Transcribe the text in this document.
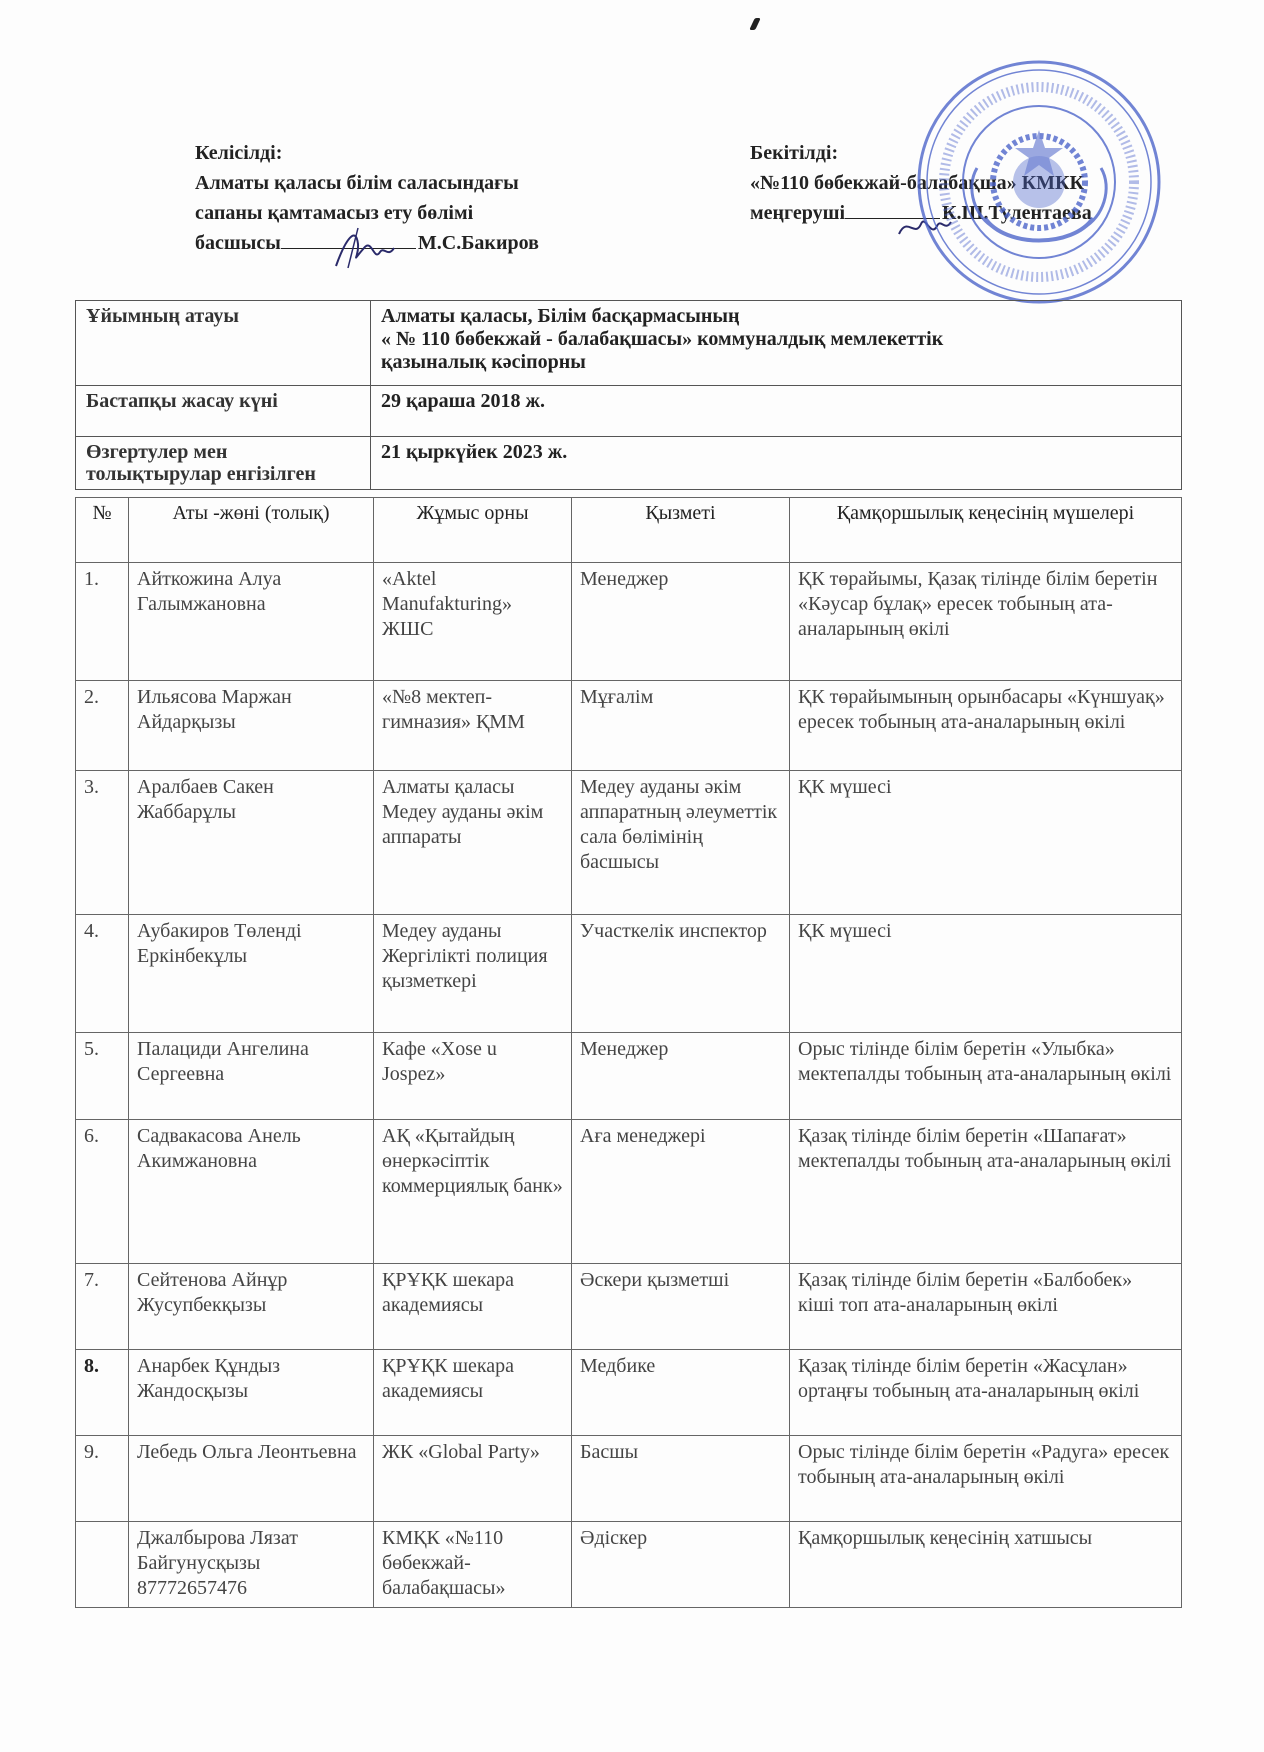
Келісілді:
Алматы қаласы білім саласындағы
сапаны қамтамасыз ету бөлімі
басшысы	М.С.Бакиров
Бекітілді:
«№110 бөбекжай-балабақша» КМКК
меңгеруші	К.Ш.Тулентаева
Ұйымның атауы	Алматы қаласы, Білім басқармасының
« № 110 бөбекжай - балабақшасы» коммуналдық мемлекеттік
қазыналық кәсіпорны

Бастапқы жасау күні	29 қараша 2018 ж.

Өзгертулер мен
толықтырулар енгізілген	21 қыркүйек 2023 ж.
№	Аты -жөні (толық)	Жұмыс орны	Қызметі	Қамқоршылық кеңесінің мүшелері
1.	Айткожина Алуа Галымжановна	«Aktel Manufakturing» ЖШС	Менеджер	ҚК төрайымы, Қазақ тілінде білім беретін «Кәусар бұлақ» ересек тобының ата-аналарының өкілі
2.	Ильясова Маржан Айдарқызы	«№8 мектеп-гимназия» ҚММ	Мұғалім	ҚК төрайымының орынбасары «Күншуақ» ересек тобының ата-аналарының өкілі
3.	Аралбаев Сакен Жаббарұлы	Алматы қаласы Медеу ауданы әкім аппараты	Медеу ауданы әкім аппаратның әлеуметтік сала бөлімінің басшысы	ҚК мүшесі
4.	Аубакиров Төленді Еркінбекұлы	Медеу ауданы Жергілікті полиция қызметкері	Участкелік инспектор	ҚК мүшесі
5.	Палациди Ангелина Сергеевна	Кафе «Xose u Jospez»	Менеджер	Орыс тілінде білім беретін «Улыбка» мектепалды тобының ата-аналарының өкілі
6.	Садвакасова Анель Акимжановна	АҚ «Қытайдың өнеркәсіптік коммерциялық банк»	Аға менеджері	Қазақ тілінде білім беретін «Шапағат» мектепалды тобының ата-аналарының өкілі
7.	Сейтенова Айнұр Жусупбекқызы	ҚРҰҚК шекара академиясы	Әскери қызметші	Қазақ тілінде білім беретін «Балбобек» кіші топ ата-аналарының өкілі
8.	Анарбек Құндыз Жандосқызы	ҚРҰҚК шекара академиясы	Медбике	Қазақ тілінде білім беретін «Жасұлан» ортаңғы тобының ата-аналарының өкілі
9.	Лебедь Ольга Леонтьевна	ЖК «Global Party»	Басшы	Орыс тілінде білім беретін «Радуга» ересек тобының ата-аналарының өкілі
	Джалбырова Лязат Байгунусқызы 87772657476	КМҚК «№110 бөбекжай-балабақшасы»	Әдіскер	Қамқоршылық кеңесінің хатшысы
